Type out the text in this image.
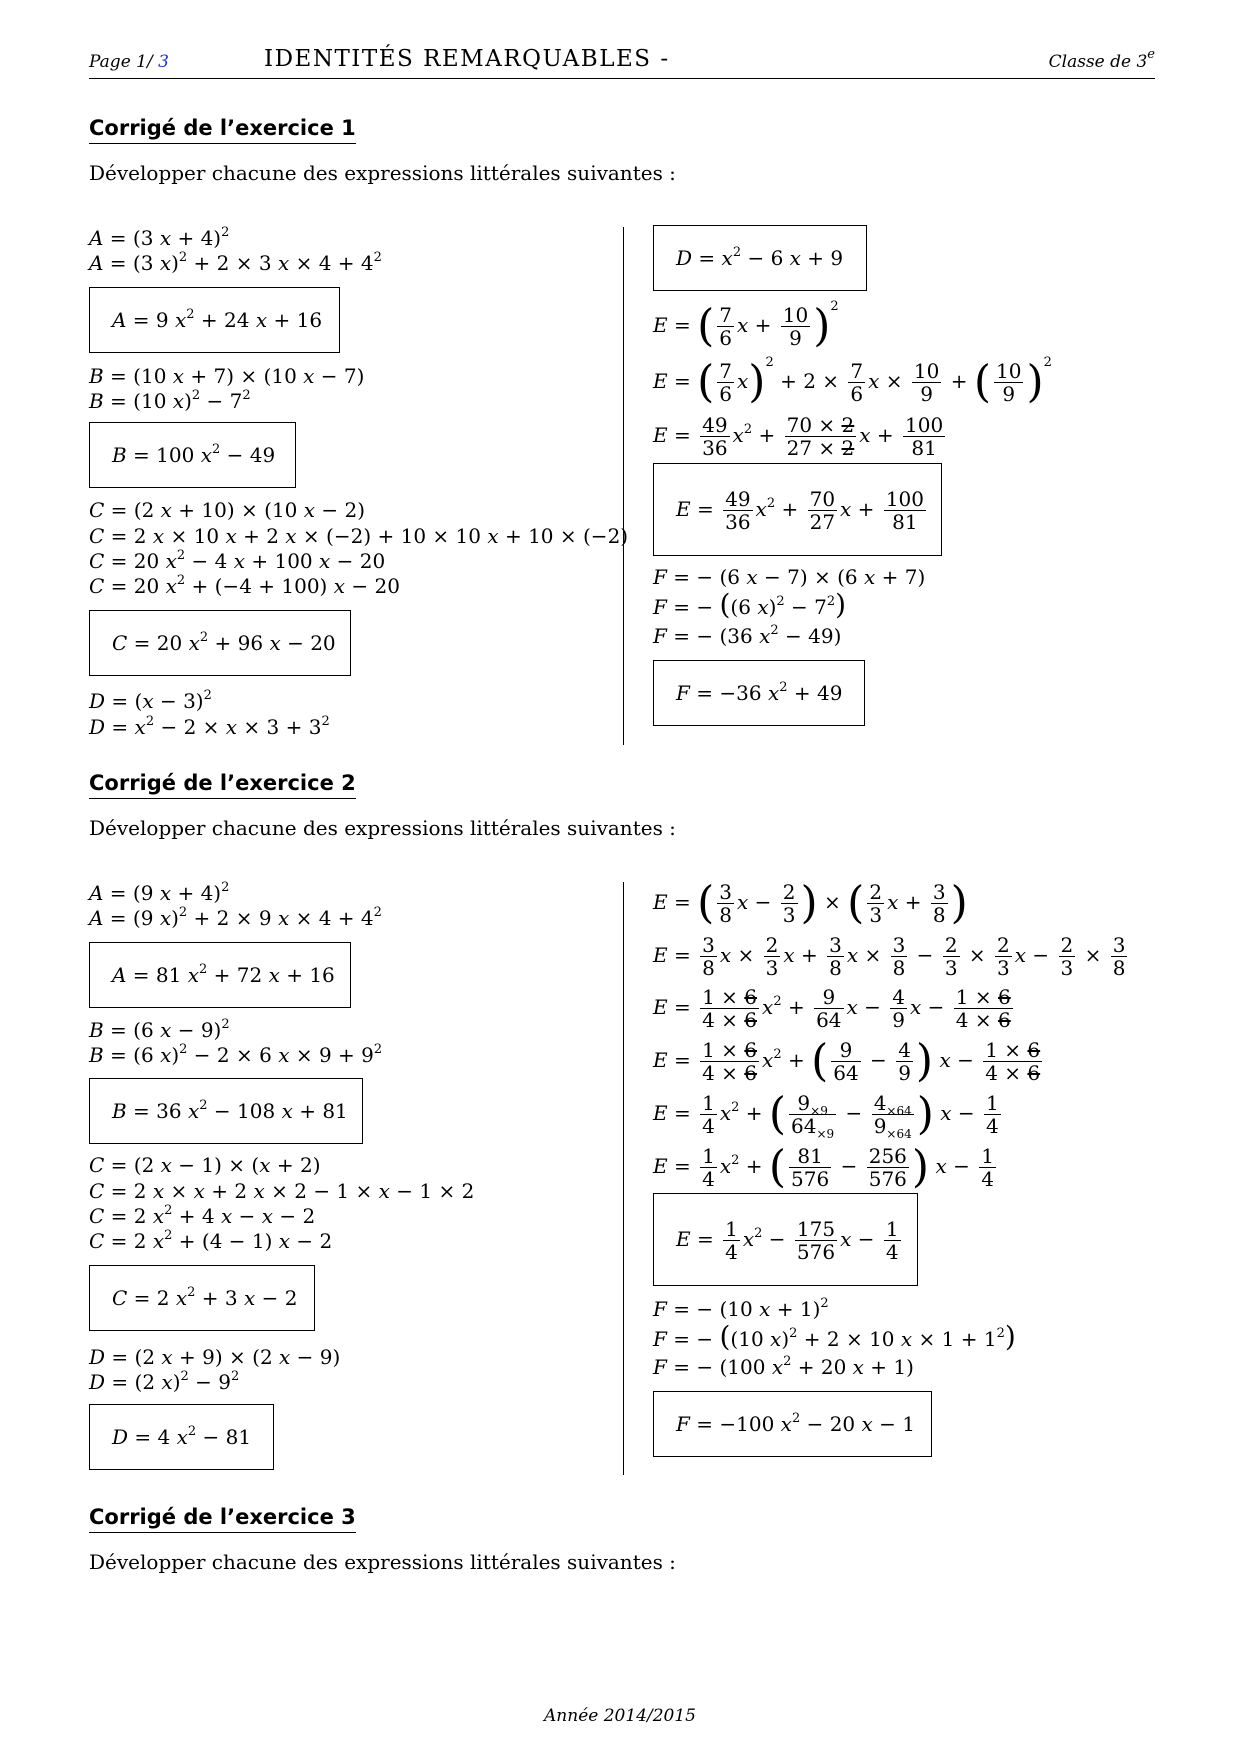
Page 1/ 3	IDENTITÉS REMARQUABLES -	Classe de 3e
Corrigé de l’exercice 1
Développer chacune des expressions littérales suivantes :
A = (3 x + 4)$^2$
A = (3 x)$^2$ + 2 × 3 $x \times 4 + 4^2$
A = 9 $x^2 + 24$ x + 16
B = (10 x + 7) × (10 x − 7)
B = (10 $x)^2 - 7^2$
B = 100 $x^2 - 49$
C = (2 x + 10) × (10 x − 2)
C = 2 x × 10 x + 2 x × (−2) + 10 × 10 x + 10 × (−2)
C = 20 $x^2 - 4$ x + 100 x − 20
C = 20 $x^2 + (-4 + 100) x - 20$
C = 20 $x^2 + 96$ x − 20
$D = (x - 3)^2$
$D = x^2 - 2 \times x \times 3 + 3^2$
$D = x^2 - 6$ x + 9
E = ( $\frac{7}{6}$ $x + \frac{10}{9} )^2$
E = ( $\frac{7}{6} x)^2 + 2 \times \frac{7}{6}$ $x \times \frac{10}{9}$ + ( $\frac{10}{9} )^2$
$E = \frac{49}{36} x^2 + \frac{70 \times 2}{27 \times 2}$ $x + \frac{100}{81}$
$E = \frac{49}{36} x^2 + \frac{70}{27}$ $x + \frac{100}{81}$
F = − (6 x − 7) × (6 x + 7)
F = − ((6 $x)^2 - 7^2$)
F = − (36 $x^2 - 49$)
F = −36 $x^2 + 49$
Corrigé de l’exercice 2
Développer chacune des expressions littérales suivantes :
A = (9 x + 4)$^2$
A = (9 x)$^2$ + 2 × 9 $x \times 4 + 4^2$
A = 81 $x^2 + 72$ x + 16
B = (6 x − 9)$^2$
B = (6 x)$^2$ − 2 × 6 $x \times 9 + 9^2$
B = 36 $x^2 - 108$ x + 81
C = (2 x − 1) × (x + 2)
C = 2 x × x + 2 x × 2 − 1 × x − 1 × 2
C = 2 $x^2 + 4$ x − x − 2
C = 2 $x^2 + (4 - 1) x - 2$
C = 2 $x^2 + 3$ x − 2
D = (2 x + 9) × (2 x − 9)
D = (2 $x)^2 - 9^2$
D = 4 $x^2 - 81$
E = ( $\frac{3}{8}$ $x - \frac{2}{3}$ ) × ( $\frac{2}{3}$ $x + \frac{3}{8}$ )
$E = \frac{3}{8}$ $x \times \frac{2}{3}$ $x + \frac{3}{8}$ $x \times \frac{3}{8} - \frac{2}{3} \times \frac{2}{3}$ $x - \frac{2}{3} \times \frac{3}{8}$
$E = \frac{1 \times 6}{4 \times 6} x^2 + \frac{9}{64}$ $x - \frac{4}{9}$ $x - \frac{1 \times 6}{4 \times 6}$
$E = \frac{1 \times 6}{4 \times 6} x^2$ + ( $\frac{9}{64} - \frac{4}{9}$ ) $x - \frac{1 \times 6}{4 \times 6}$
$E = \frac{1}{4} x^2$ + ( $\frac{9_{\times 9}}{64_{\times 9}} - \frac{4_{\times 64}}{9_{\times 64}}$ ) $x - \frac{1}{4}$
$E = \frac{1}{4} x^2$ + ( $\frac{81}{576} - \frac{256}{576}$ ) $x - \frac{1}{4}$
$E = \frac{1}{4} x^2 - \frac{175}{576}$ $x - \frac{1}{4}$
F = − (10 x + 1)$^2$
F = − ((10 x)$^2$ + 2 × 10 $x \times 1 + 1^2$)
F = − (100 $x^2 + 20$ x + 1)
F = −100 $x^2 - 20$ x − 1
Corrigé de l’exercice 3
Développer chacune des expressions littérales suivantes :
Année 2014/2015
